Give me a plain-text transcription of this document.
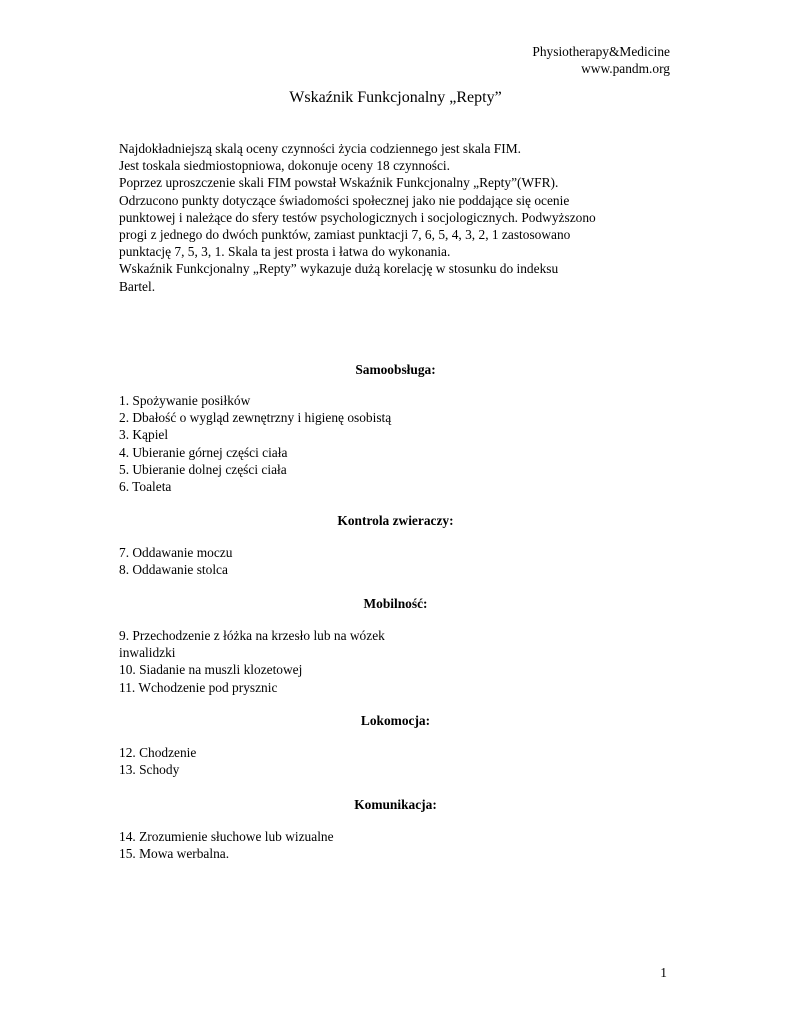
Physiotherapy&Medicine
www.pandm.org
Wskaźnik Funkcjonalny „Repty”
Najdokładniejszą skalą oceny czynności życia codziennego jest skala FIM.
Jest toskala siedmiostopniowa, dokonuje oceny 18 czynności.
Poprzez uproszczenie skali FIM powstał Wskaźnik Funkcjonalny „Repty”(WFR).
Odrzucono punkty dotyczące świadomości społecznej jako nie poddające się ocenie
punktowej i należące do sfery testów psychologicznych i socjologicznych. Podwyższono
progi z jednego do dwóch punktów, zamiast punktacji 7, 6, 5, 4, 3, 2, 1 zastosowano
punktację 7, 5, 3, 1. Skala ta jest prosta i łatwa do wykonania.
Wskaźnik Funkcjonalny „Repty” wykazuje dużą korelację w stosunku do indeksu
Bartel.
Samoobsługa:
1. Spożywanie posiłków
2. Dbałość o wygląd zewnętrzny i higienę osobistą
3. Kąpiel
4. Ubieranie górnej części ciała
5. Ubieranie dolnej części ciała
6. Toaleta
Kontrola zwieraczy:
7. Oddawanie moczu
8. Oddawanie stolca
Mobilność:
9. Przechodzenie z łóżka na krzesło lub na wózek
inwalidzki
10. Siadanie na muszli klozetowej
11. Wchodzenie pod prysznic
Lokomocja:
12. Chodzenie
13. Schody
Komunikacja:
14. Zrozumienie słuchowe lub wizualne
15. Mowa werbalna.
1
